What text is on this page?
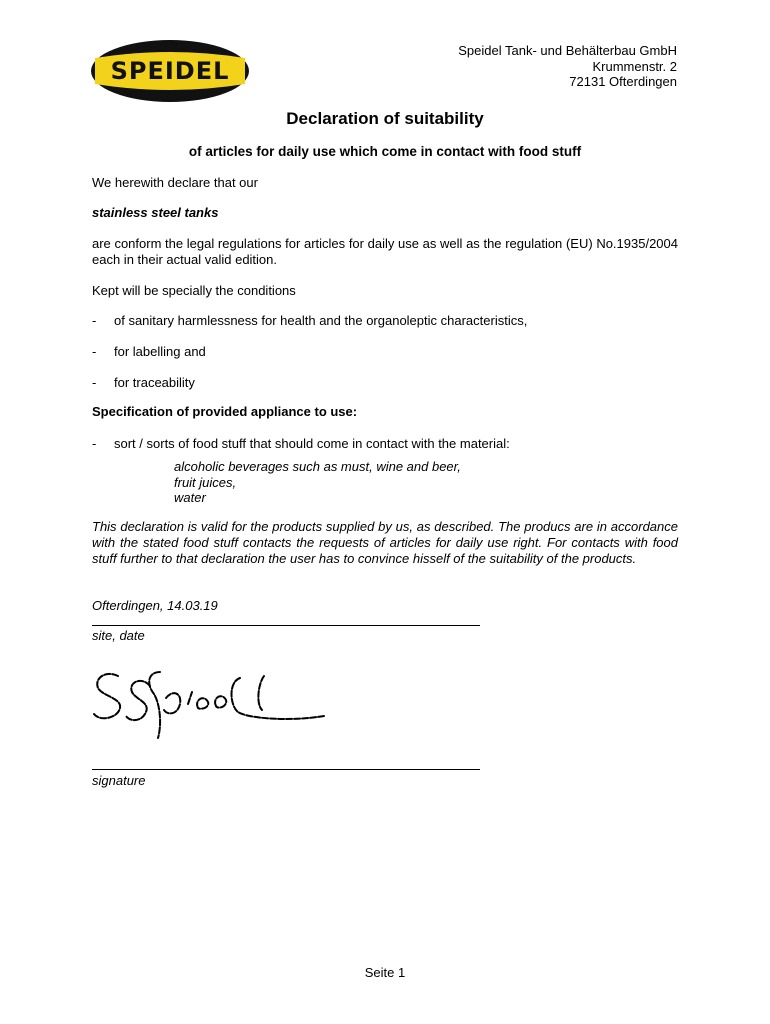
SPEIDEL
Speidel Tank- und Behälterbau GmbH
Krummenstr. 2
72131 Ofterdingen
Declaration of suitability
of articles for daily use which come in contact with food stuff
We herewith declare that our
stainless steel tanks
are conform the legal regulations for articles for daily use as well as the regulation (EU) No.1935/2004 each in their actual valid edition.
Kept will be specially the conditions
- of sanitary harmlessness for health and the organoleptic characteristics,
- for labelling and
- for traceability
Specification of provided appliance to use:
- sort / sorts of food stuff that should come in contact with the material:
alcoholic beverages such as must, wine and beer,
fruit juices,
water
This declaration is valid for the products supplied by us, as described. The producs are in accordance with the stated food stuff contacts the requests of articles for daily use right. For contacts with food stuff further to that declaration the user has to convince hisself of the suitability of the products.
Ofterdingen, 14.03.19
site, date
signature
Seite 1
